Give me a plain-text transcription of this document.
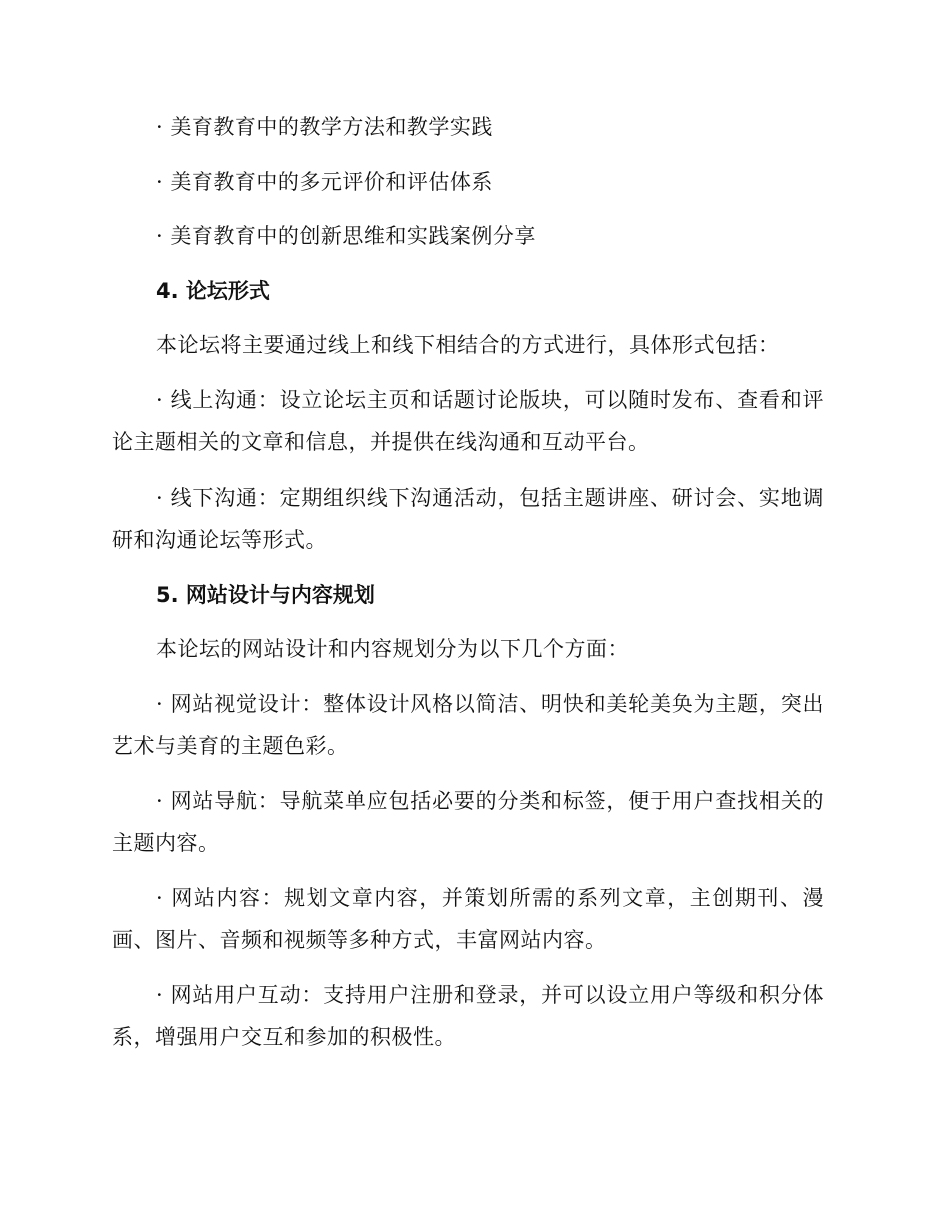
· 美育教育中的教学方法和教学实践

· 美育教育中的多元评价和评估体系

· 美育教育中的创新思维和实践案例分享

4. 论坛形式

本论坛将主要通过线上和线下相结合的方式进行，具体形式包括：

· 线上沟通：设立论坛主页和话题讨论版块，可以随时发布、查看和评论主题相关的文章和信息，并提供在线沟通和互动平台。

· 线下沟通：定期组织线下沟通活动，包括主题讲座、研讨会、实地调研和沟通论坛等形式。

5. 网站设计与内容规划

本论坛的网站设计和内容规划分为以下几个方面：

· 网站视觉设计：整体设计风格以简洁、明快和美轮美奂为主题，突出艺术与美育的主题色彩。

· 网站导航：导航菜单应包括必要的分类和标签，便于用户查找相关的主题内容。

· 网站内容：规划文章内容，并策划所需的系列文章，主创期刊、漫画、图片、音频和视频等多种方式，丰富网站内容。

· 网站用户互动：支持用户注册和登录，并可以设立用户等级和积分体系，增强用户交互和参加的积极性。
